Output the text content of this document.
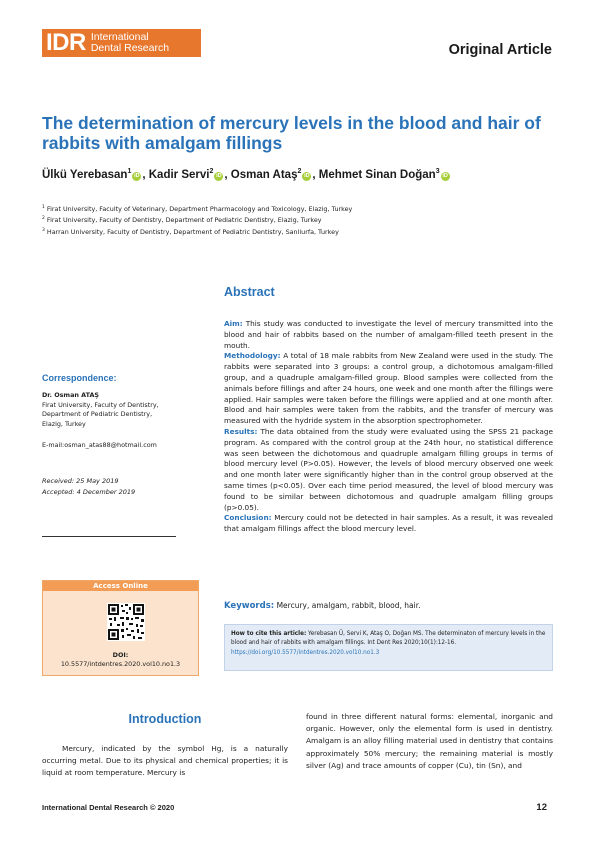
IDR International
Dental Research	Original Article
The determination of mercury levels in the blood and hair of rabbits with amalgam fillings
Ülkü Yerebasan$^1$iD , Kadir Servi$^2$iD , Osman Ataş$^2$iD , Mehmet Sinan Doğan$^3$iD
$^1$ Firat University, Faculty of Veterinary, Department Pharmacology and Toxicology, Elazig, Turkey
$^2$ Firat University, Faculty of Dentistry, Department of Pediatric Dentistry, Elazig, Turkey
$^3$ Harran University, Faculty of Dentistry, Department of Pediatric Dentistry, Sanliurfa, Turkey
Abstract
Aim: This study was conducted to investigate the level of mercury transmitted into the blood and hair of rabbits based on the number of amalgam-filled teeth present in the mouth.
Methodology: A total of 18 male rabbits from New Zealand were used in the study. The rabbits were separated into 3 groups: a control group, a dichotomous amalgam-filled group, and a quadruple amalgam-filled group. Blood samples were collected from the animals before fillings and after 24 hours, one week and one month after the fillings were applied. Hair samples were taken before the fillings were applied and at one month after. Blood and hair samples were taken from the rabbits, and the transfer of mercury was measured with the hydride system in the absorption spectrophometer.
Results: The data obtained from the study were evaluated using the SPSS 21 package program. As compared with the control group at the 24th hour, no statistical difference was seen between the dichotomous and quadruple amalgam filling groups in terms of blood mercury level (P>0.05). However, the levels of blood mercury observed one week and one month later were significantly higher than in the control group observed at the same times (p<0.05). Over each time period measured, the level of blood mercury was found to be similar between dichotomous and quadruple amalgam filling groups (p>0.05).
Conclusion: Mercury could not be detected in hair samples. As a result, it was revealed that amalgam fillings affect the blood mercury level.
Correspondence:
Dr. Osman ATAŞ
Firat University, Faculty of Dentistry,
Department of Pediatric Dentistry,
Elazig, Turkey
E-mail:osman_atas88@hotmail.com
Received: 25 May 2019
Accepted: 4 December 2019
Access Online
DOI:
10.5577/intdentres.2020.vol10.no1.3
Keywords: Mercury, amalgam, rabbit, blood, hair.
How to cite this article: Yerebasan Ü, Servi K, Ataş O, Doğan MS. The determinaton of mercury levels in the blood and hair of rabbits with amalgam fillings. Int Dent Res 2020;10(1):12-16. https://doi.org/10.5577/intdentres.2020.vol10.no1.3
Introduction

Mercury, indicated by the symbol Hg, is a naturally occurring metal. Due to its physical and chemical properties; it is liquid at room temperature. Mercury is

found in three different natural forms: elemental, inorganic and organic. However, only the elemental form is used in dentistry. Amalgam is an alloy filling material used in dentistry that contains approximately 50% mercury; the remaining material is mostly silver (Ag) and trace amounts of copper (Cu), tin (Sn), and

International Dental Research © 2020	12
